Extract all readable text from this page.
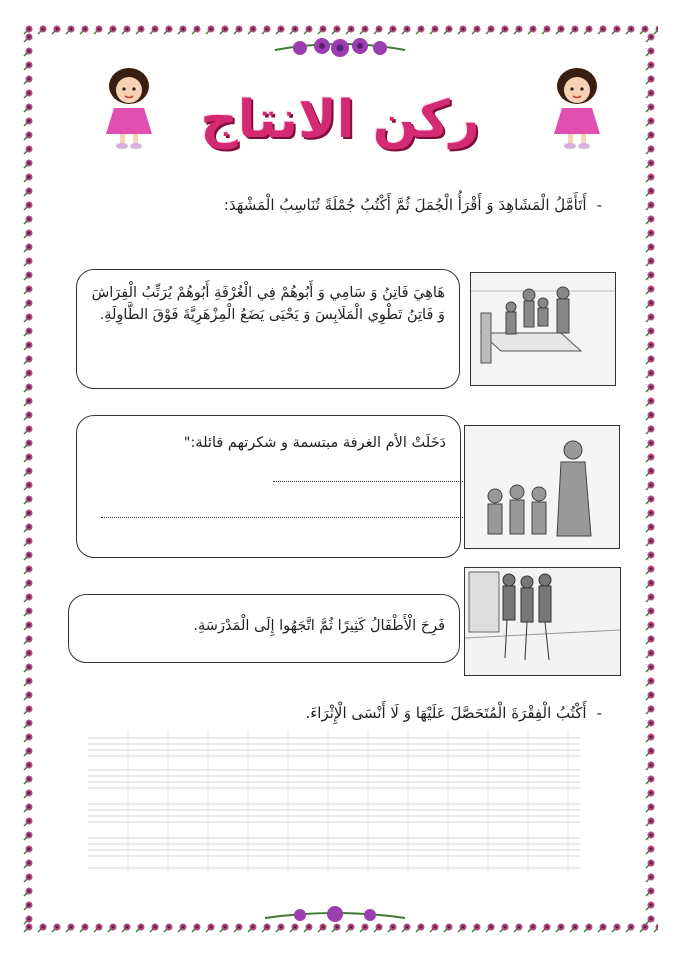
ركن الانتاج
-أَتَأَمَّلُ الْمَشَاهِدَ وَ أَقْرَأُ الْجُمَلَ ثُمَّ أَكْتُبُ جُمْلَةً تُنَاسِبُ الْمَشْهَدَ:
هَاهِيَ فَاتِنُ وَ سَامِي وَ أَبُوهُمْ فِي الْغُرْفَةِ أَبُوهُمْ يُرَتِّبُ الْفِرَاشَ وَ فَاتِنُ تَطْوِي الْمَلَابِسَ وَ يَحْيَى يَضَعُ الْمِزْهَرِيَّةَ فَوْقَ الطَّاوِلَةِ.
دَخَلَتْ الأم الغرفة مبتسمة و شكرتهم قائلة:"
فَرِحَ الْأَطْفَالُ كَثِيرًا ثُمَّ اتَّجَهُوا إِلَى الْمَدْرَسَةِ.
-أَكْتُبُ الْفِقْرَةَ الْمُتَحَصَّلَ عَلَيْهَا وَ لَا أَنْسَى الْإِثْرَاءَ.
